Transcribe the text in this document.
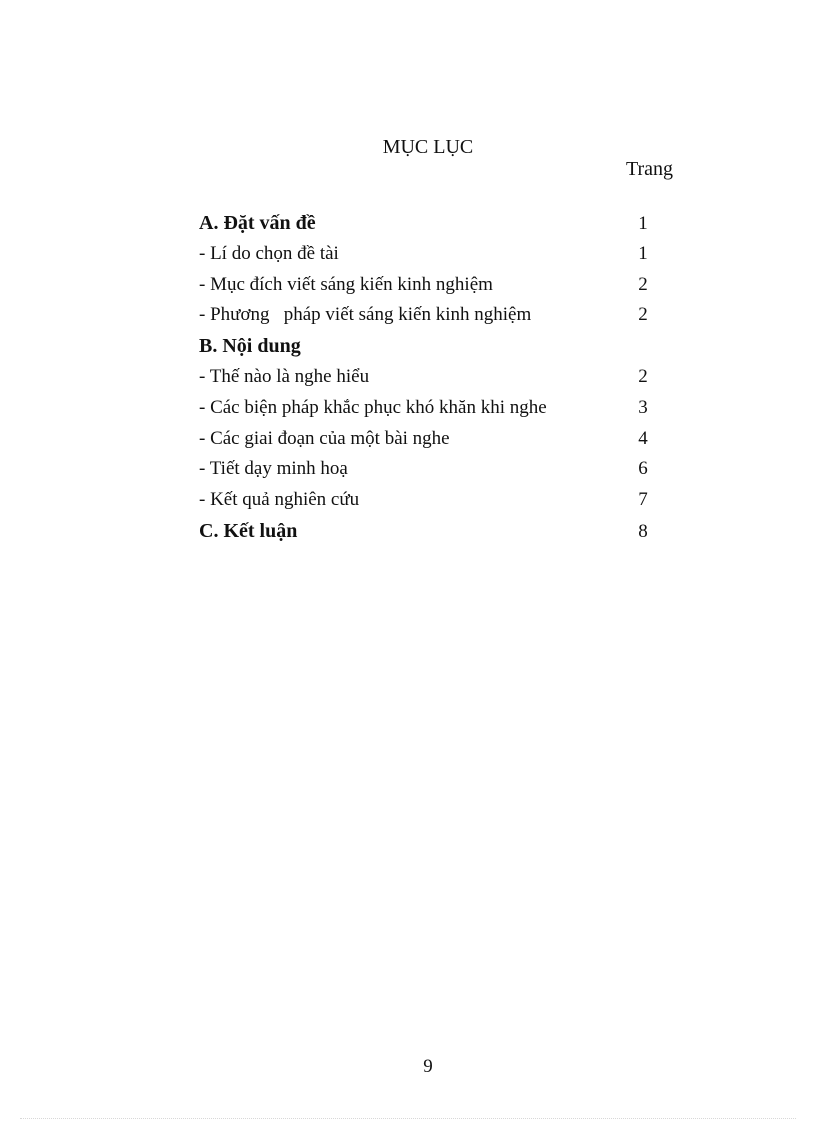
MỤC LỤC
Trang
A. Đặt vấn đề	1
- Lí do chọn đề tài	1
- Mục đích viết sáng kiến kinh nghiệm	2
- Phương   pháp viết sáng kiến kinh nghiệm	2
B. Nội dung
- Thế nào là nghe hiểu	2
- Các biện pháp khắc phục khó khăn khi nghe	3
- Các giai đoạn của một bài nghe	4
- Tiết dạy minh hoạ	6
- Kết quả nghiên cứu	7
C. Kết luận	8
9
